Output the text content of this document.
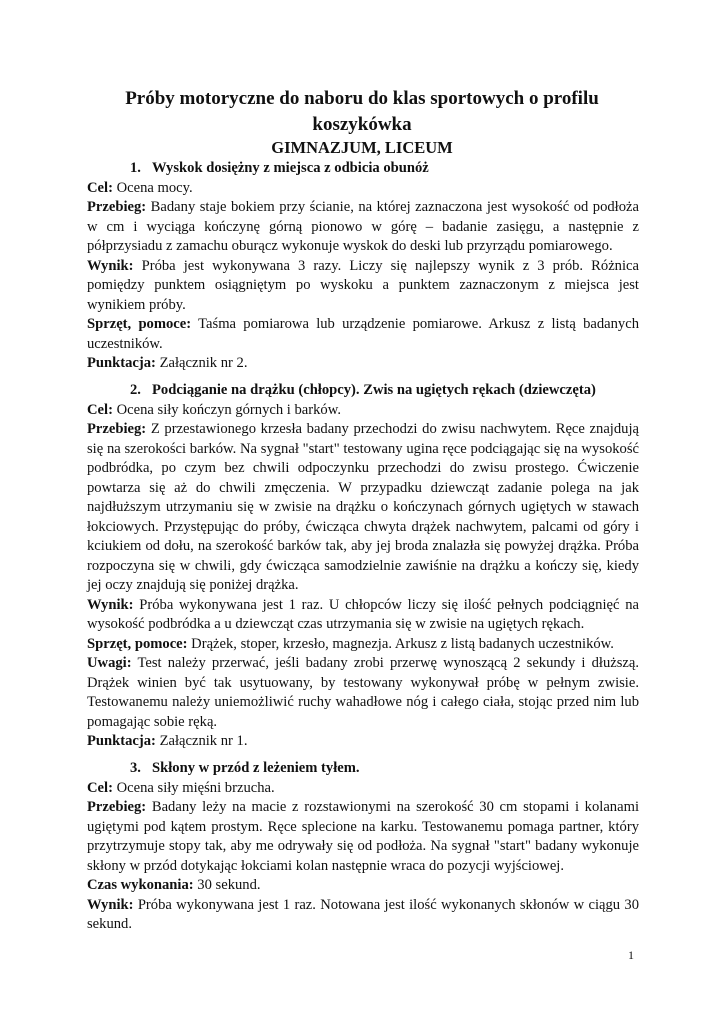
Próby motoryczne do naboru do klas sportowych o profilu koszykówka
GIMNAZJUM, LICEUM

1. Wyskok dosiężny z miejsca z odbicia obunóż

Cel: Ocena mocy.

Przebieg: Badany staje bokiem przy ścianie, na której zaznaczona jest wysokość od podłoża w cm i wyciąga kończynę górną pionowo w górę – badanie zasięgu, a następnie z półprzysiadu z zamachu oburącz wykonuje wyskok do deski lub przyrządu pomiarowego.

Wynik: Próba jest wykonywana 3 razy. Liczy się najlepszy wynik z 3 prób. Różnica pomiędzy punktem osiągniętym po wyskoku a punktem zaznaczonym z miejsca jest wynikiem próby.

Sprzęt, pomoce: Taśma pomiarowa lub urządzenie pomiarowe. Arkusz z listą badanych uczestników.

Punktacja: Załącznik nr 2.

2. Podciąganie na drążku (chłopcy). Zwis na ugiętych rękach (dziewczęta)

Cel: Ocena siły kończyn górnych i barków.

Przebieg: Z przestawionego krzesła badany przechodzi do zwisu nachwytem. Ręce znajdują się na szerokości barków. Na sygnał "start" testowany ugina ręce podciągając się na wysokość podbródka, po czym bez chwili odpoczynku przechodzi do zwisu prostego. Ćwiczenie powtarza się aż do chwili zmęczenia. W przypadku dziewcząt zadanie polega na jak najdłuższym utrzymaniu się w zwisie na drążku o kończynach górnych ugiętych w stawach łokciowych. Przystępując do próby, ćwicząca chwyta drążek nachwytem, palcami od góry i kciukiem od dołu, na szerokość barków tak, aby jej broda znalazła się powyżej drążka. Próba rozpoczyna się w chwili, gdy ćwicząca samodzielnie zawiśnie na drążku a kończy się, kiedy jej oczy znajdują się poniżej drążka.

Wynik: Próba wykonywana jest 1 raz. U chłopców liczy się ilość pełnych podciągnięć na wysokość podbródka a u dziewcząt czas utrzymania się w zwisie na ugiętych rękach.

Sprzęt, pomoce: Drążek, stoper, krzesło, magnezja. Arkusz z listą badanych uczestników.

Uwagi: Test należy przerwać, jeśli badany zrobi przerwę wynoszącą 2 sekundy i dłuższą. Drążek winien być tak usytuowany, by testowany wykonywał próbę w pełnym zwisie. Testowanemu należy uniemożliwić ruchy wahadłowe nóg i całego ciała, stojąc przed nim lub pomagając sobie ręką.

Punktacja: Załącznik nr 1.

3. Skłony w przód z leżeniem tyłem.

Cel: Ocena siły mięśni brzucha.

Przebieg: Badany leży na macie z rozstawionymi na szerokość 30 cm stopami i kolanami ugiętymi pod kątem prostym. Ręce splecione na karku. Testowanemu pomaga partner, który przytrzymuje stopy tak, aby me odrywały się od podłoża. Na sygnał "start" badany wykonuje skłony w przód dotykając łokciami kolan następnie wraca do pozycji wyjściowej.

Czas wykonania: 30 sekund.

Wynik: Próba wykonywana jest 1 raz. Notowana jest ilość wykonanych skłonów w ciągu 30 sekund.

1
